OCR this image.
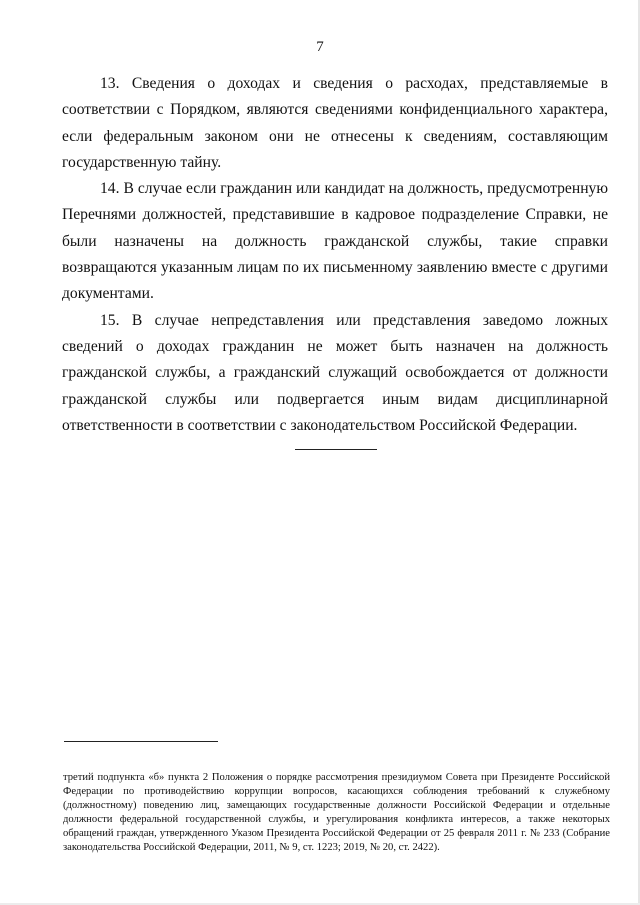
7

13. Сведения о доходах и сведения о расходах, представляемые в соответствии с Порядком, являются сведениями конфиденциального характера, если федеральным законом они не отнесены к сведениям, составляющим государственную тайну.

14. В случае если гражданин или кандидат на должность, предусмотренную Перечнями должностей, представившие в кадровое подразделение Справки, не были назначены на должность гражданской службы, такие справки возвращаются указанным лицам по их письменному заявлению вместе с другими документами.

15. В случае непредставления или представления заведомо ложных сведений о доходах гражданин не может быть назначен на должность гражданской службы, а гражданский служащий освобождается от должности гражданской службы или подвергается иным видам дисциплинарной ответственности в соответствии с законодательством Российской Федерации.

третий подпункта «б» пункта 2 Положения о порядке рассмотрения президиумом Совета при Президенте Российской Федерации по противодействию коррупции вопросов, касающихся соблюдения требований к служебному (должностному) поведению лиц, замещающих государственные должности Российской Федерации и отдельные должности федеральной государственной службы, и урегулирования конфликта интересов, а также некоторых обращений граждан, утвержденного Указом Президента Российской Федерации от 25 февраля 2011 г. № 233 (Собрание законодательства Российской Федерации, 2011, № 9, ст. 1223; 2019, № 20, ст. 2422).
